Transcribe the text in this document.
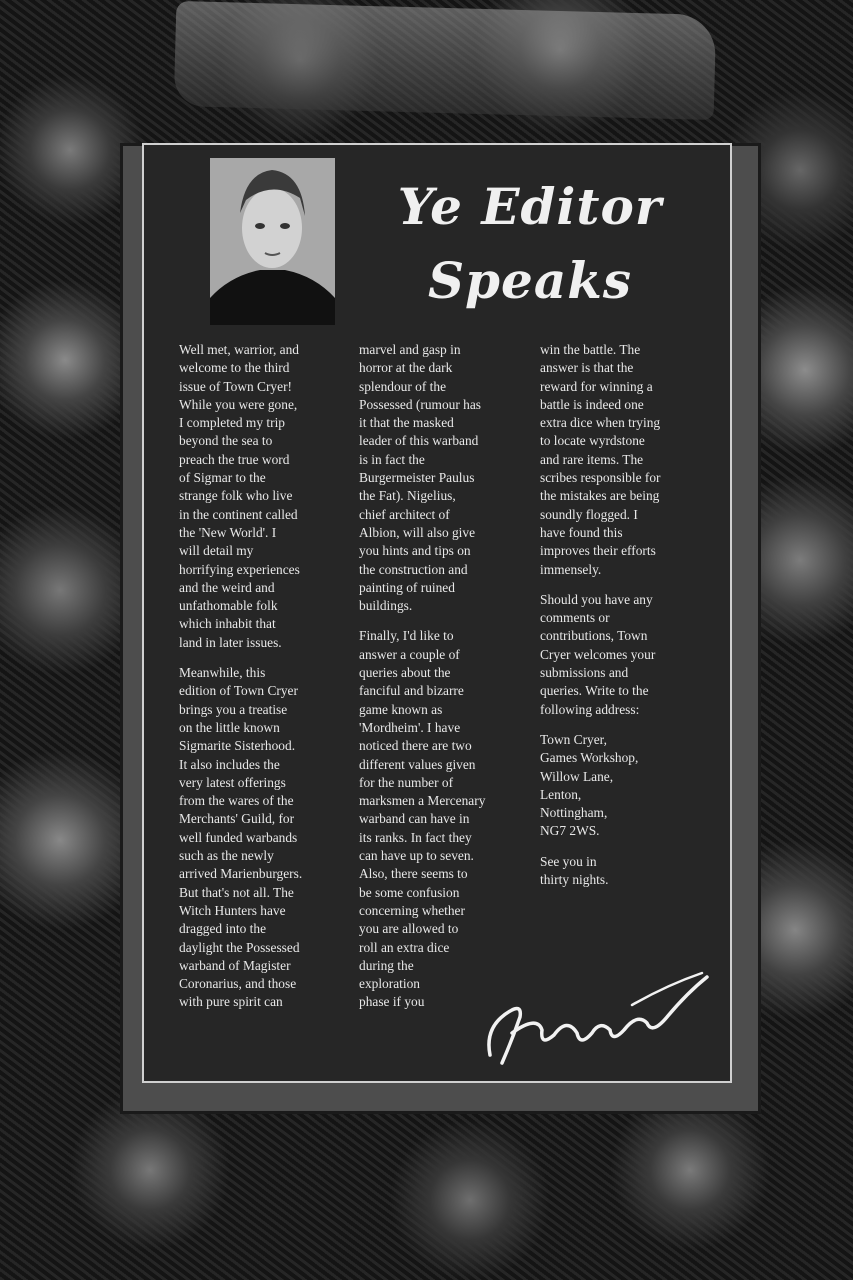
Ye Editor
Speaks

Well met, warrior, and
welcome to the third
issue of Town Cryer!
While you were gone,
I completed my trip
beyond the sea to
preach the true word
of Sigmar to the
strange folk who live
in the continent called
the 'New World'. I
will detail my
horrifying experiences
and the weird and
unfathomable folk
which inhabit that
land in later issues.

Meanwhile, this
edition of Town Cryer
brings you a treatise
on the little known
Sigmarite Sisterhood.
It also includes the
very latest offerings
from the wares of the
Merchants' Guild, for
well funded warbands
such as the newly
arrived Marienburgers.
But that's not all. The
Witch Hunters have
dragged into the
daylight the Possessed
warband of Magister
Coronarius, and those
with pure spirit can

marvel and gasp in
horror at the dark
splendour of the
Possessed (rumour has
it that the masked
leader of this warband
is in fact the
Burgermeister Paulus
the Fat). Nigelius,
chief architect of
Albion, will also give
you hints and tips on
the construction and
painting of ruined
buildings.

Finally, I'd like to
answer a couple of
queries about the
fanciful and bizarre
game known as
'Mordheim'. I have
noticed there are two
different values given
for the number of
marksmen a Mercenary
warband can have in
its ranks. In fact they
can have up to seven.
Also, there seems to
be some confusion
concerning whether
you are allowed to
roll an extra dice
during the
exploration
phase if you

win the battle. The
answer is that the
reward for winning a
battle is indeed one
extra dice when trying
to locate wyrdstone
and rare items. The
scribes responsible for
the mistakes are being
soundly flogged. I
have found this
improves their efforts
immensely.

Should you have any
comments or
contributions, Town
Cryer welcomes your
submissions and
queries. Write to the
following address:

Town Cryer,
Games Workshop,
Willow Lane,
Lenton,
Nottingham,
NG7 2WS.

See you in
thirty nights.
